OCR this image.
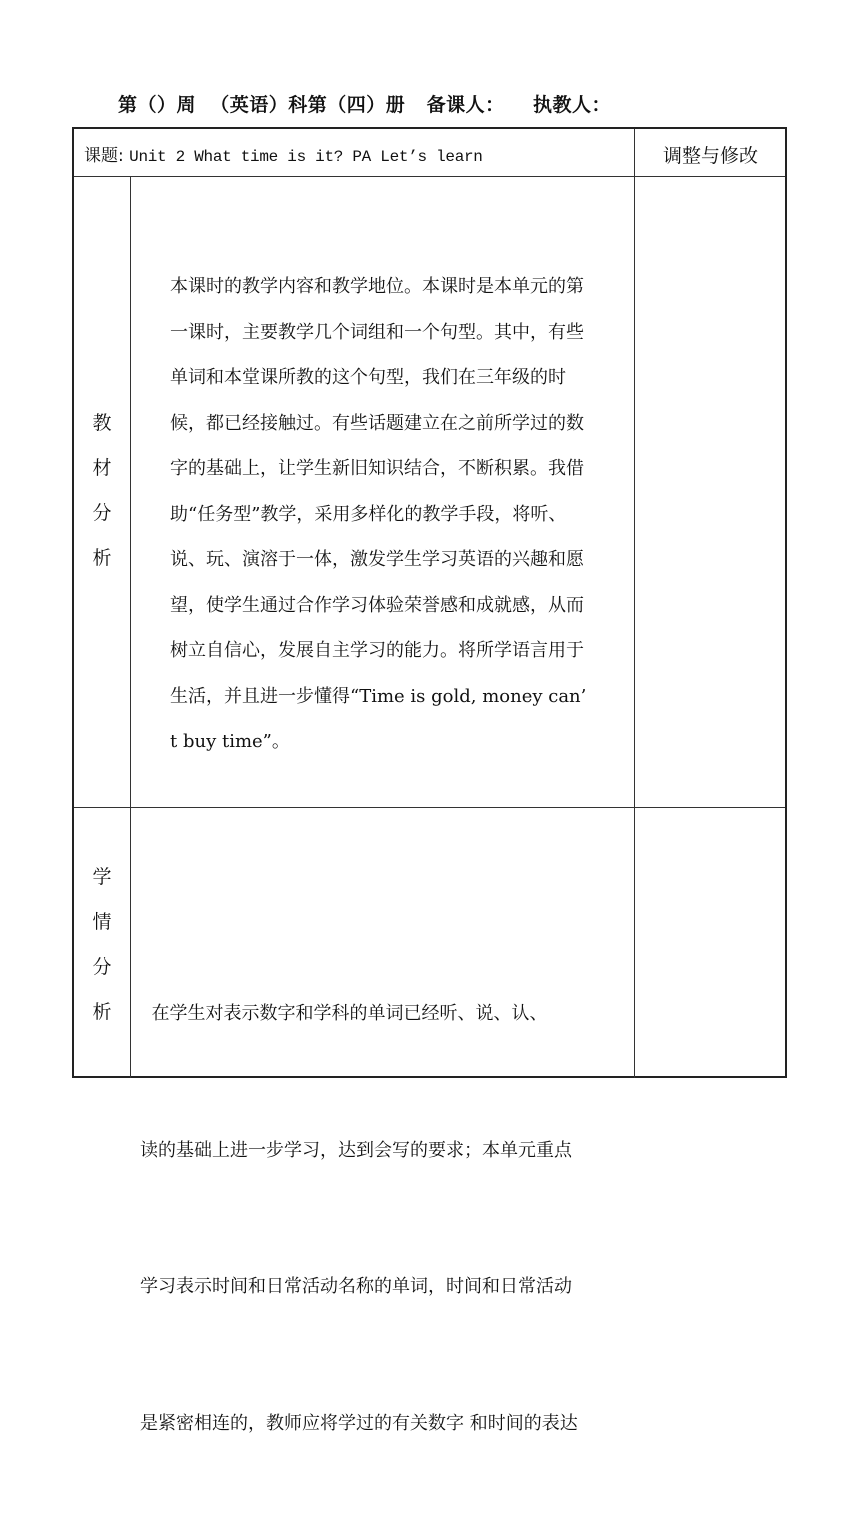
第（）周  （英语）科第（四）册   备课人：    执教人：
课题: Unit 2 What time is it? PA Let’s learn	调整与修改
教
材
分
析
本课时的教学内容和教学地位。本课时是本单元的第
一课时，主要教学几个词组和一个句型。其中，有些
单词和本堂课所教的这个句型，我们在三年级的时
候，都已经接触过。有些话题建立在之前所学过的数
字的基础上，让学生新旧知识结合，不断积累。我借
助“任务型”教学，采用多样化的教学手段，将听、
说、玩、演溶于一体，激发学生学习英语的兴趣和愿
望，使学生通过合作学习体验荣誉感和成就感，从而
树立自信心，发展自主学习的能力。将所学语言用于
生活，并且进一步懂得“Time is gold, money can’
t buy time”。
学
情
分
析

	在学生对表示数字和学科的单词已经听、说、认、

读的基础上进一步学习，达到会写的要求；本单元重点

学习表示时间和日常活动名称的单词，时间和日常活动

是紧密相连的，教师应将学过的有关数字 和时间的表达
